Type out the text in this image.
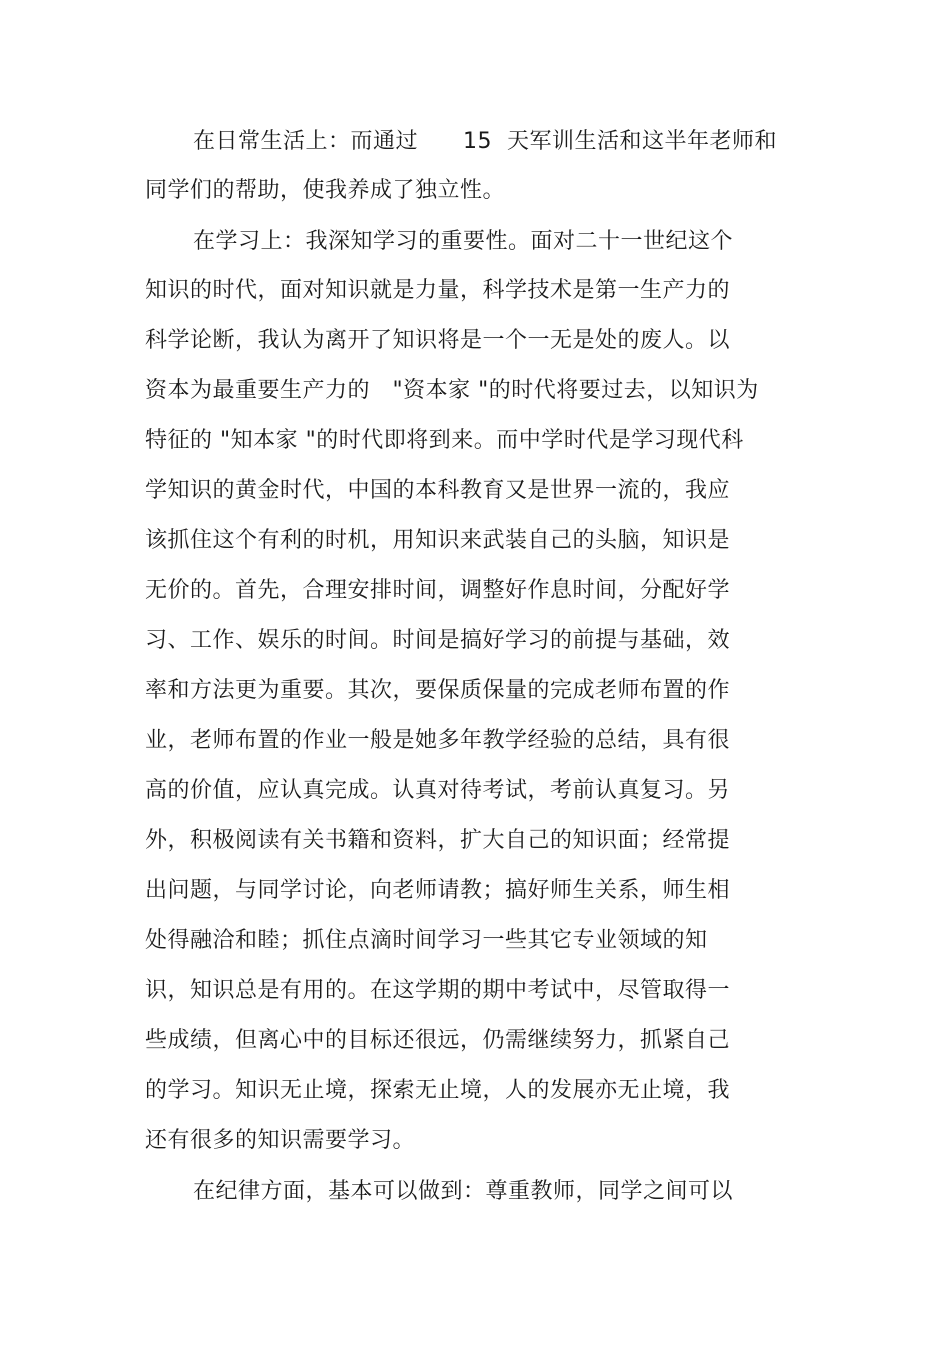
在日常生活上：而通过      15  天军训生活和这半年老师和
同学们的帮助，使我养成了独立性。
在学习上：我深知学习的重要性。面对二十一世纪这个
知识的时代，面对知识就是力量，科学技术是第一生产力的
科学论断，我认为离开了知识将是一个一无是处的废人。以
资本为最重要生产力的   "资本家 "的时代将要过去，以知识为
特征的 "知本家 "的时代即将到来。而中学时代是学习现代科
学知识的黄金时代，中国的本科教育又是世界一流的，我应
该抓住这个有利的时机，用知识来武装自己的头脑，知识是
无价的。首先，合理安排时间，调整好作息时间，分配好学
习、工作、娱乐的时间。时间是搞好学习的前提与基础，效
率和方法更为重要。其次，要保质保量的完成老师布置的作
业，老师布置的作业一般是她多年教学经验的总结，具有很
高的价值，应认真完成。认真对待考试，考前认真复习。另
外，积极阅读有关书籍和资料，扩大自己的知识面；经常提
出问题，与同学讨论，向老师请教；搞好师生关系，师生相
处得融洽和睦；抓住点滴时间学习一些其它专业领域的知
识，知识总是有用的。在这学期的期中考试中，尽管取得一
些成绩，但离心中的目标还很远，仍需继续努力，抓紧自己
的学习。知识无止境，探索无止境，人的发展亦无止境，我
还有很多的知识需要学习。
在纪律方面，基本可以做到：尊重教师，同学之间可以
